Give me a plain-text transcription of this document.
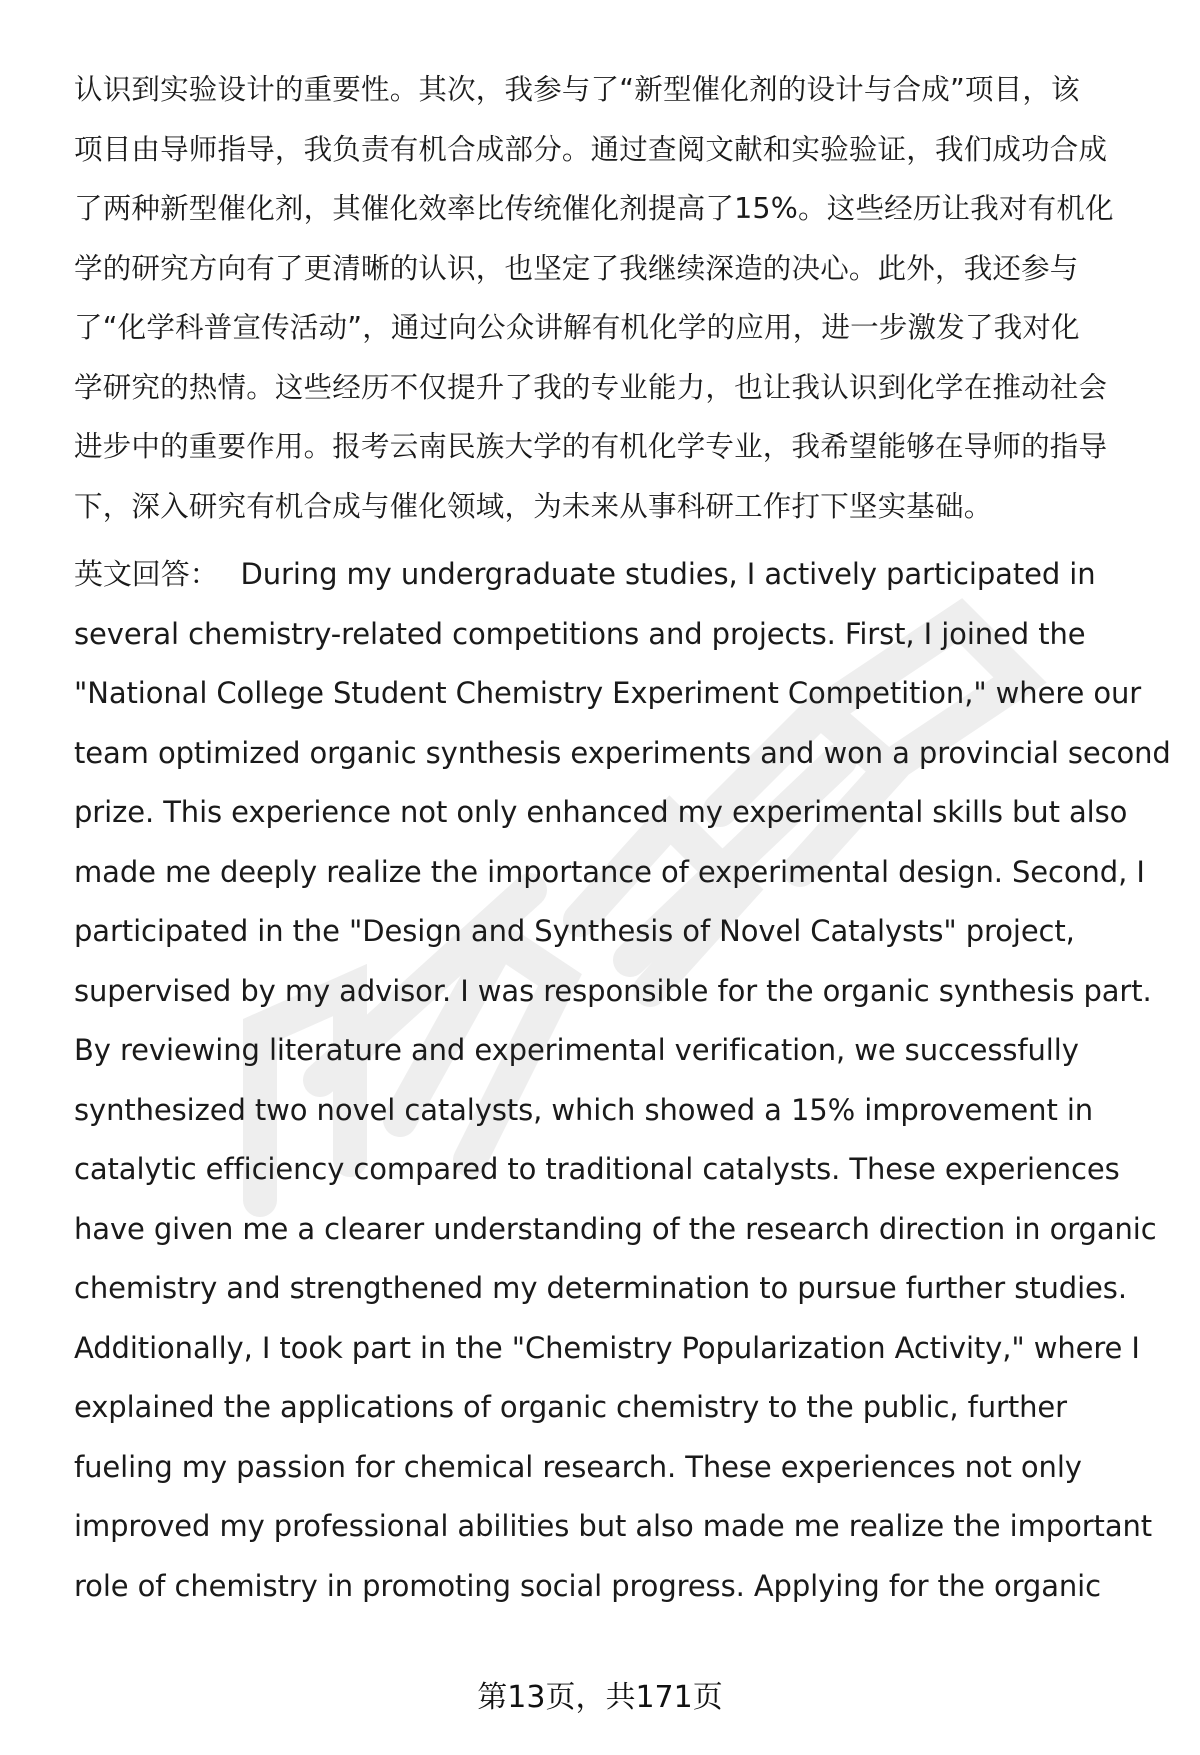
认识到实验设计的重要性。其次，我参与了“新型催化剂的设计与合成”项目，该
项目由导师指导，我负责有机合成部分。通过查阅文献和实验验证，我们成功合成
了两种新型催化剂，其催化效率比传统催化剂提高了15%。这些经历让我对有机化
学的研究方向有了更清晰的认识，也坚定了我继续深造的决心。此外，我还参与
了“化学科普宣传活动”，通过向公众讲解有机化学的应用，进一步激发了我对化
学研究的热情。这些经历不仅提升了我的专业能力，也让我认识到化学在推动社会
进步中的重要作用。报考云南民族大学的有机化学专业，我希望能够在导师的指导
下，深入研究有机合成与催化领域，为未来从事科研工作打下坚实基础。
英文回答： During my undergraduate studies, I actively participated in
several chemistry-related competitions and projects. First, I joined the
"National College Student Chemistry Experiment Competition," where our
team optimized organic synthesis experiments and won a provincial second
prize. This experience not only enhanced my experimental skills but also
made me deeply realize the importance of experimental design. Second, I
participated in the "Design and Synthesis of Novel Catalysts" project,
supervised by my advisor. I was responsible for the organic synthesis part.
By reviewing literature and experimental verification, we successfully
synthesized two novel catalysts, which showed a 15% improvement in
catalytic efficiency compared to traditional catalysts. These experiences
have given me a clearer understanding of the research direction in organic
chemistry and strengthened my determination to pursue further studies.
Additionally, I took part in the "Chemistry Popularization Activity," where I
explained the applications of organic chemistry to the public, further
fueling my passion for chemical research. These experiences not only
improved my professional abilities but also made me realize the important
role of chemistry in promoting social progress. Applying for the organic
第13页，共171页
